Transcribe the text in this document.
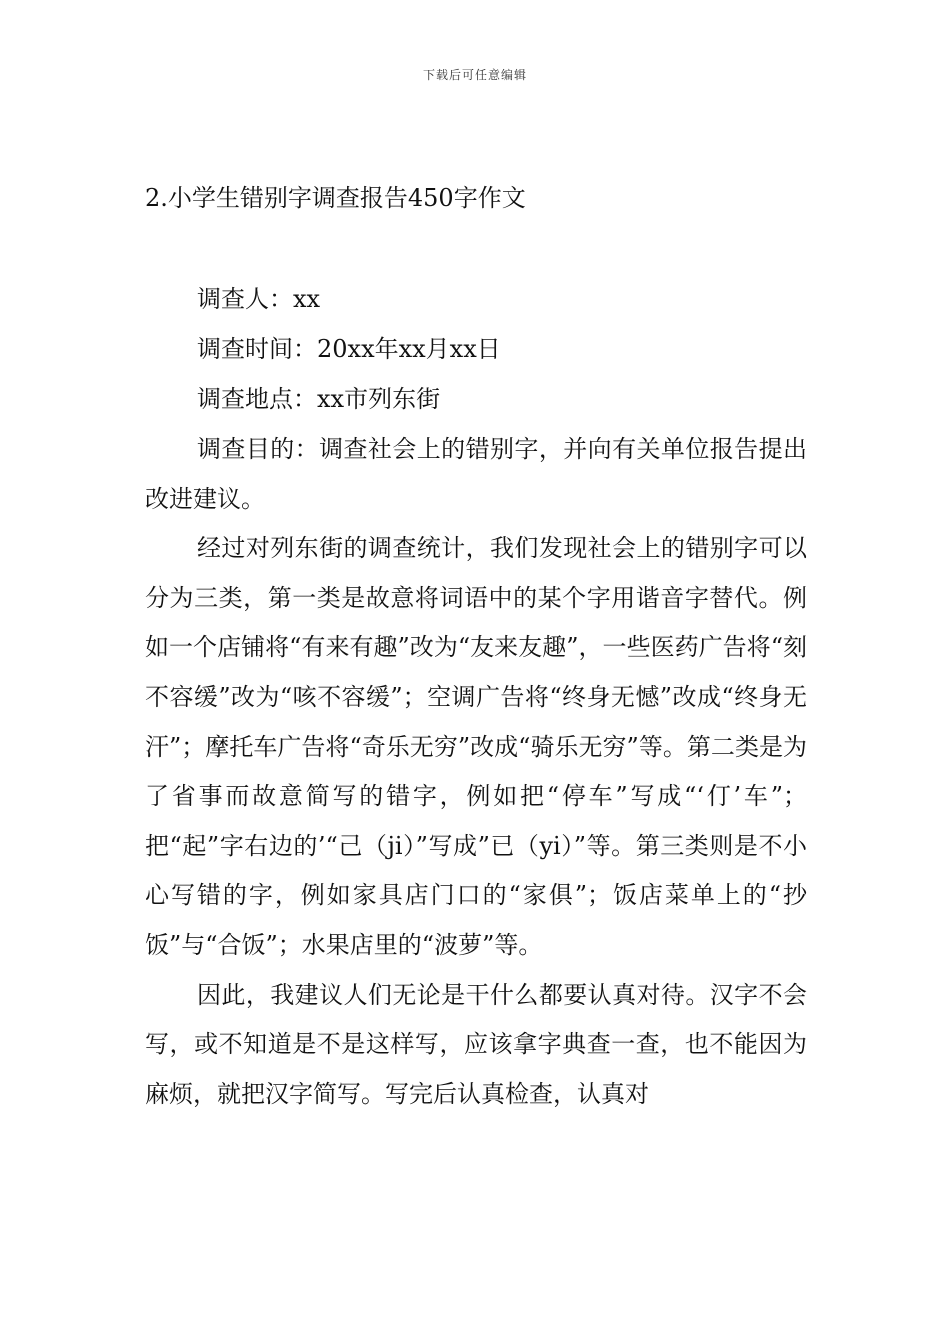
下载后可任意编辑
2.小学生错别字调查报告450字作文

调查人：xx

调查时间：20xx年xx月xx日

调查地点：xx市列东街

调查目的：调查社会上的错别字，并向有关单位报告提出改进建议。

经过对列东街的调查统计，我们发现社会上的错别字可以分为三类，第一类是故意将词语中的某个字用谐音字替代。例如一个店铺将“有来有趣”改为“友来友趣”，一些医药广告将“刻不容缓”改为“咳不容缓”；空调广告将“终身无憾”改成“终身无汗”；摩托车广告将“奇乐无穷”改成“骑乐无穷”等。第二类是为了省事而故意简写的错字，例如把“停车”写成“‘仃’车”；把“起”字右边的’“己（ji）”写成”已（yi）”等。第三类则是不小心写错的字，例如家具店门口的“家俱”；饭店菜单上的“抄饭”与“合饭”；水果店里的“波萝”等。

因此，我建议人们无论是干什么都要认真对待。汉字不会写，或不知道是不是这样写，应该拿字典查一查，也不能因为麻烦，就把汉字简写。写完后认真检查，认真对
